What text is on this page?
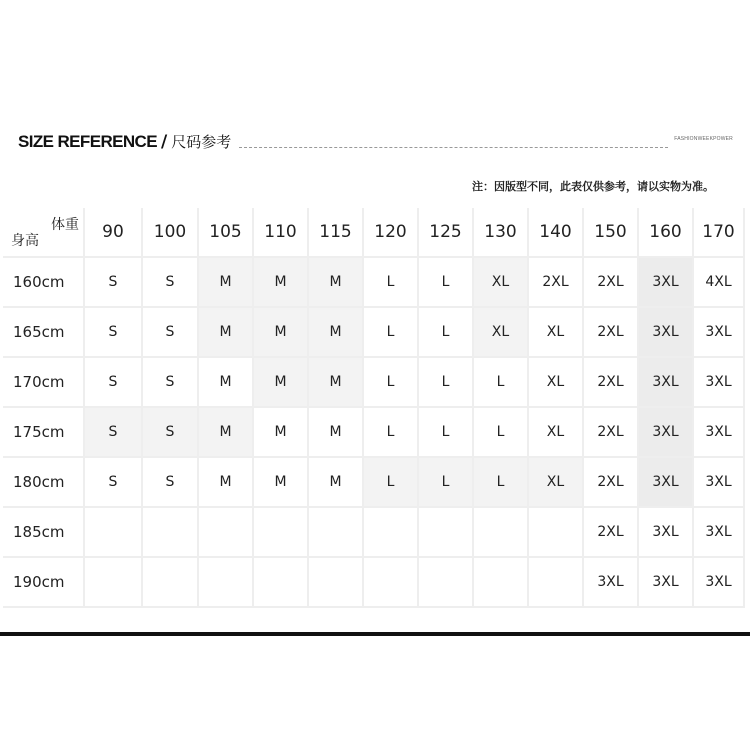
SIZE REFERENCE / 尺码参考	FASHIONWEEKPOWER
注：因版型不同，此表仅供参考，请以实物为准。
体重
身高	90	100	105	110	115	120	125	130	140	150	160	170
160cm	S	S	M	M	M	L	L	XL	2XL	2XL	3XL	4XL
165cm	S	S	M	M	M	L	L	XL	XL	2XL	3XL	3XL
170cm	S	S	M	M	M	L	L	L	XL	2XL	3XL	3XL
175cm	S	S	M	M	M	L	L	L	XL	2XL	3XL	3XL
180cm	S	S	M	M	M	L	L	L	XL	2XL	3XL	3XL
185cm										2XL	3XL	3XL
190cm										3XL	3XL	3XL
